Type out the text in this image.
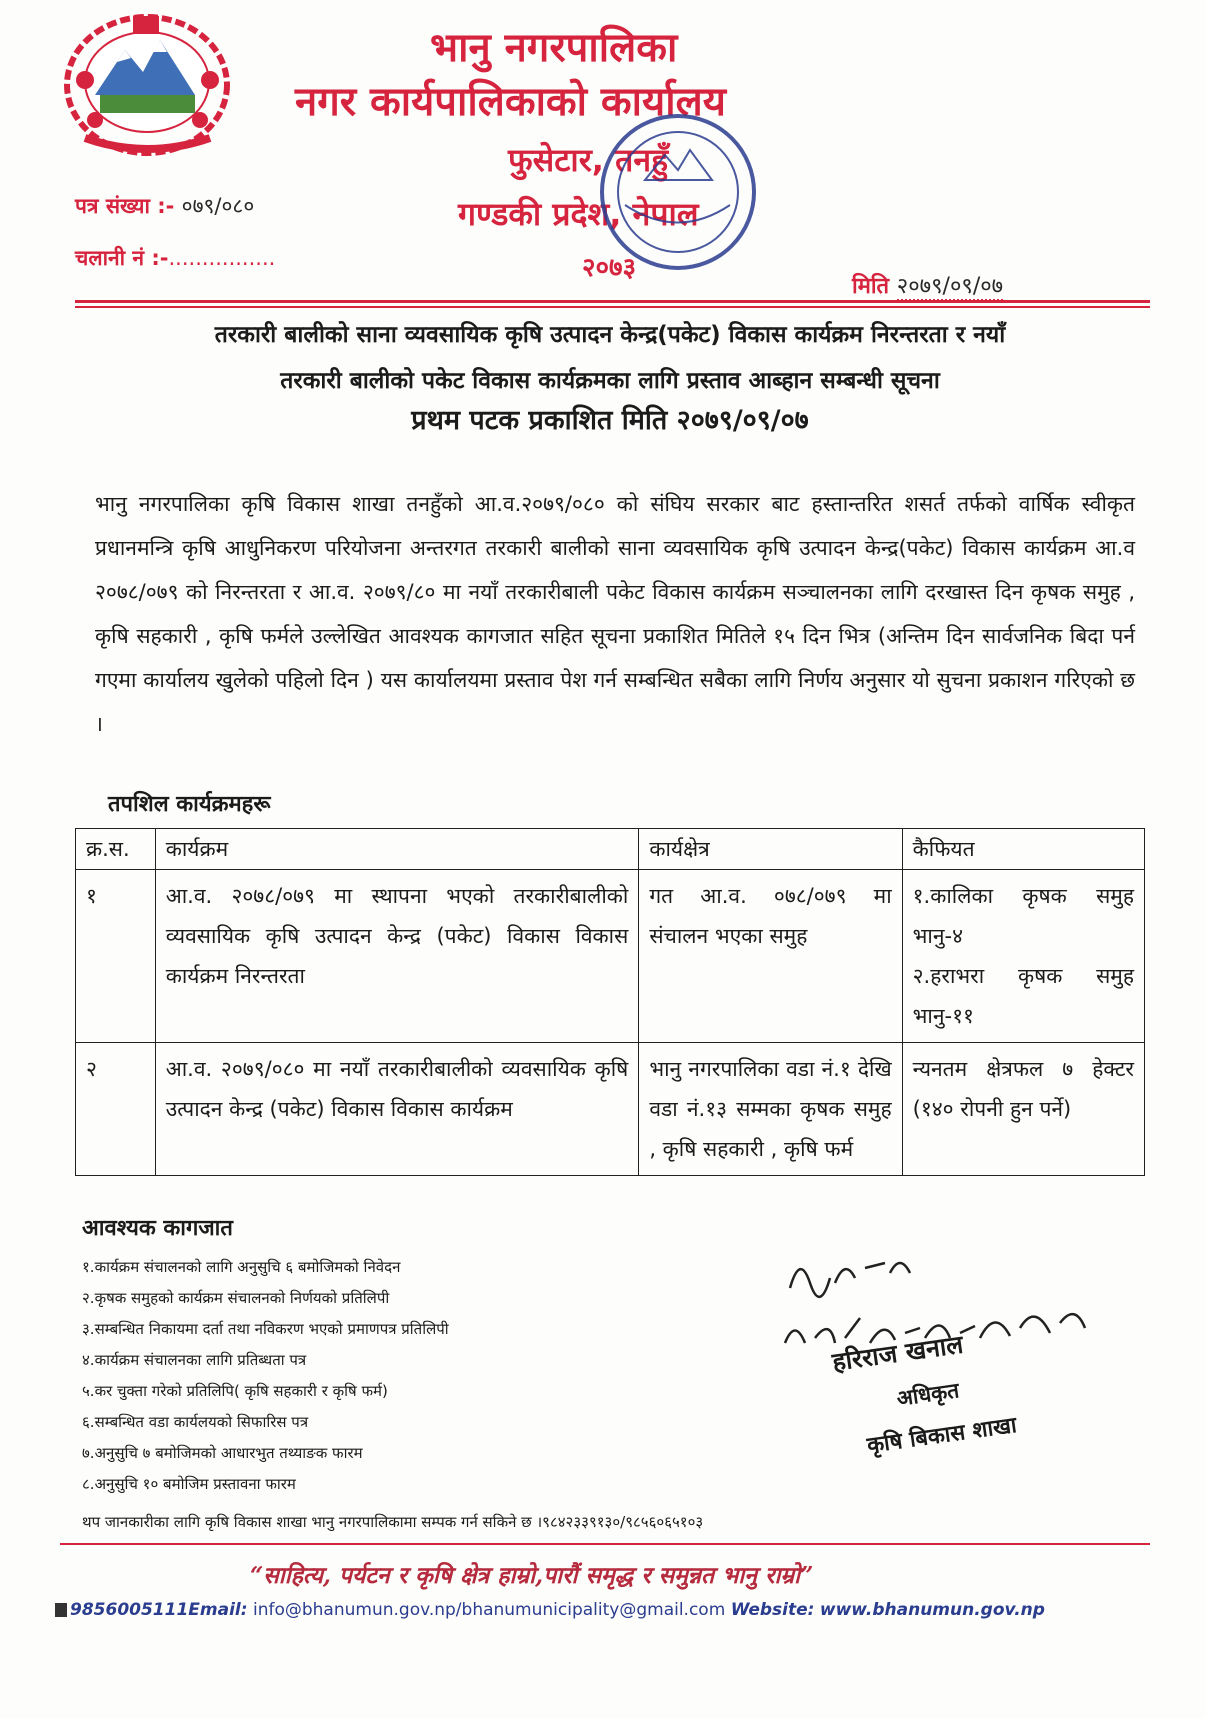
भानु नगरपालिका
नगर कार्यपालिकाको कार्यालय
फुसेटार, तनहुँ
गण्डकी प्रदेश, नेपाल
२०७३
पत्र संख्या :- ०७९/०८०
चलानी नं :-................
मिति २०७९/०९/०७
तरकारी बालीको साना व्यवसायिक कृषि उत्पादन केन्द्र(पकेट) विकास कार्यक्रम निरन्तरता र नयाँ
तरकारी बालीको पकेट विकास कार्यक्रमका लागि प्रस्ताव आब्हान सम्बन्धी सूचना
प्रथम पटक प्रकाशित मिति २०७९/०९/०७
भानु नगरपालिका कृषि विकास शाखा तनहुँको आ.व.२०७९/०८० को संघिय सरकार बाट हस्तान्तरित शसर्त तर्फको वार्षिक स्वीकृत प्रधानमन्त्रि कृषि आधुनिकरण परियोजना अन्तरगत तरकारी बालीको साना व्यवसायिक कृषि उत्पादन केन्द्र(पकेट) विकास कार्यक्रम आ.व २०७८/०७९ को निरन्तरता र आ.व. २०७९/८० मा नयाँ तरकारीबाली पकेट विकास कार्यक्रम सञ्चालनका लागि दरखास्त दिन कृषक समुह , कृषि सहकारी , कृषि फर्मले उल्लेखित आवश्यक कागजात सहित सूचना प्रकाशित मितिले १५ दिन भित्र (अन्तिम दिन सार्वजनिक बिदा पर्न गएमा कार्यालय खुलेको पहिलो दिन ) यस कार्यालयमा प्रस्ताव पेश गर्न सम्बन्धित सबैका लागि निर्णय अनुसार यो सुचना प्रकाशन गरिएको छ ।
तपशिल कार्यक्रमहरू
क्र.स.	कार्यक्रम	कार्यक्षेत्र	कैफियत
१	आ.व. २०७८/०७९ मा स्थापना भएको तरकारीबालीको व्यवसायिक कृषि उत्पादन केन्द्र (पकेट) विकास विकास कार्यक्रम निरन्तरता	गत आ.व. ०७८/०७९ मा संचालन भएका समुह	१.कालिका कृषक समुह भानु-४
२.हराभरा कृषक समुह भानु-११

२	आ.व. २०७९/०८० मा नयाँ तरकारीबालीको व्यवसायिक कृषि उत्पादन केन्द्र (पकेट) विकास विकास कार्यक्रम	भानु नगरपालिका वडा नं.१ देखि वडा नं.१३ सम्मका कृषक समुह , कृषि सहकारी , कृषि फर्म	न्यनतम क्षेत्रफल ७ हेक्टर (१४० रोपनी हुन पर्ने)
आवश्यक कागजात
१.कार्यक्रम संचालनको लागि अनुसुचि ६ बमोजिमको निवेदन
२.कृषक समुहको कार्यक्रम संचालनको निर्णयको प्रतिलिपी
३.सम्बन्धित निकायमा दर्ता तथा नविकरण भएको प्रमाणपत्र प्रतिलिपी
४.कार्यक्रम संचालनका लागि प्रतिब्धता पत्र
५.कर चुक्ता गरेको प्रतिलिपि( कृषि सहकारी र कृषि फर्म)
६.सम्बन्धित वडा कार्यलयको सिफारिस पत्र
७.अनुसुचि ७ बमोजिमको आधारभुत तथ्याङक फारम
८.अनुसुचि १० बमोजिम प्रस्तावना फारम
थप जानकारीका लागि कृषि विकास शाखा भानु नगरपालिकामा सम्पक गर्न सकिने छ ।९८४२३३९१३०/९८५६०६५१०३
हरिराज खनाल
अधिकृत
कृषि बिकास शाखा
“साहित्य, पर्यटन र कृषि क्षेत्र हाम्रो,पारौं समृद्ध र समुन्नत भानु राम्रो”
9856005111Email: info@bhanumun.gov.np/bhanumunicipality@gmail.com Website: www.bhanumun.gov.np
